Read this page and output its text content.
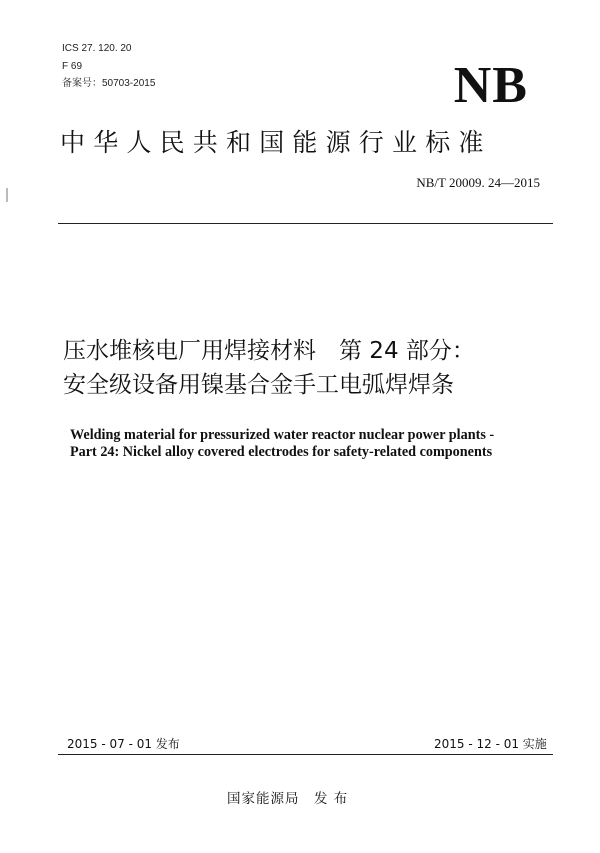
ICS 27. 120. 20
F 69
备案号：50703-2015	NB
中华人民共和国能源行业标准
NB/T 20009. 24—2015
压水堆核电厂用焊接材料　第 24 部分：
安全级设备用镍基合金手工电弧焊焊条
Welding material for pressurized water reactor nuclear power plants -
Part 24: Nickel alloy covered electrodes for safety-related components
2015 - 07 - 01 发布	2015 - 12 - 01 实施
国家能源局　发 布
